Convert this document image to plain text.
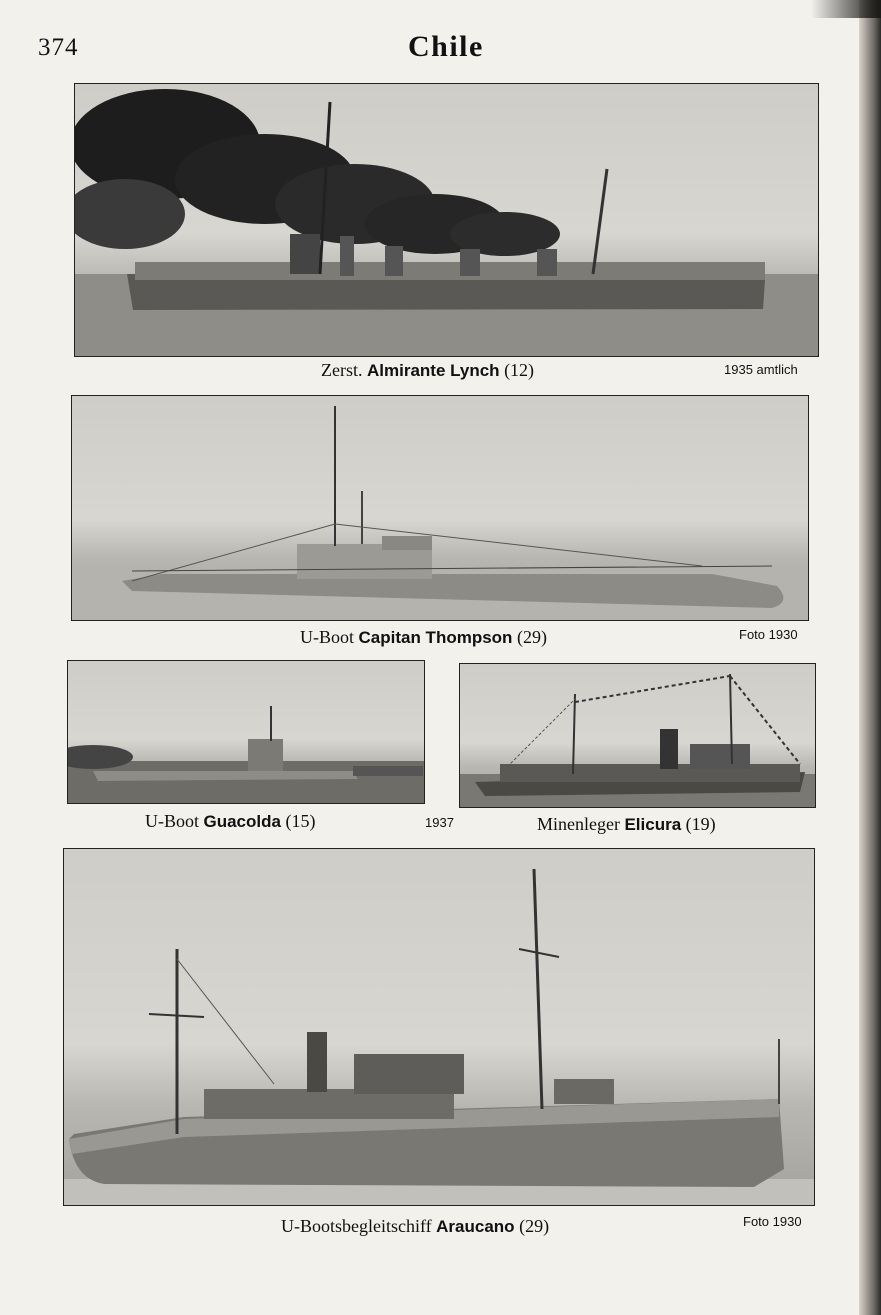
374	Chile
Zerst. Almirante Lynch (12)	1935 amtlich
U-Boot Capitan Thompson (29)	Foto 1930
U-Boot Guacolda (15)	1937	Minenleger Elicura (19)
U-Bootsbegleitschiff Araucano (29)	Foto 1930
